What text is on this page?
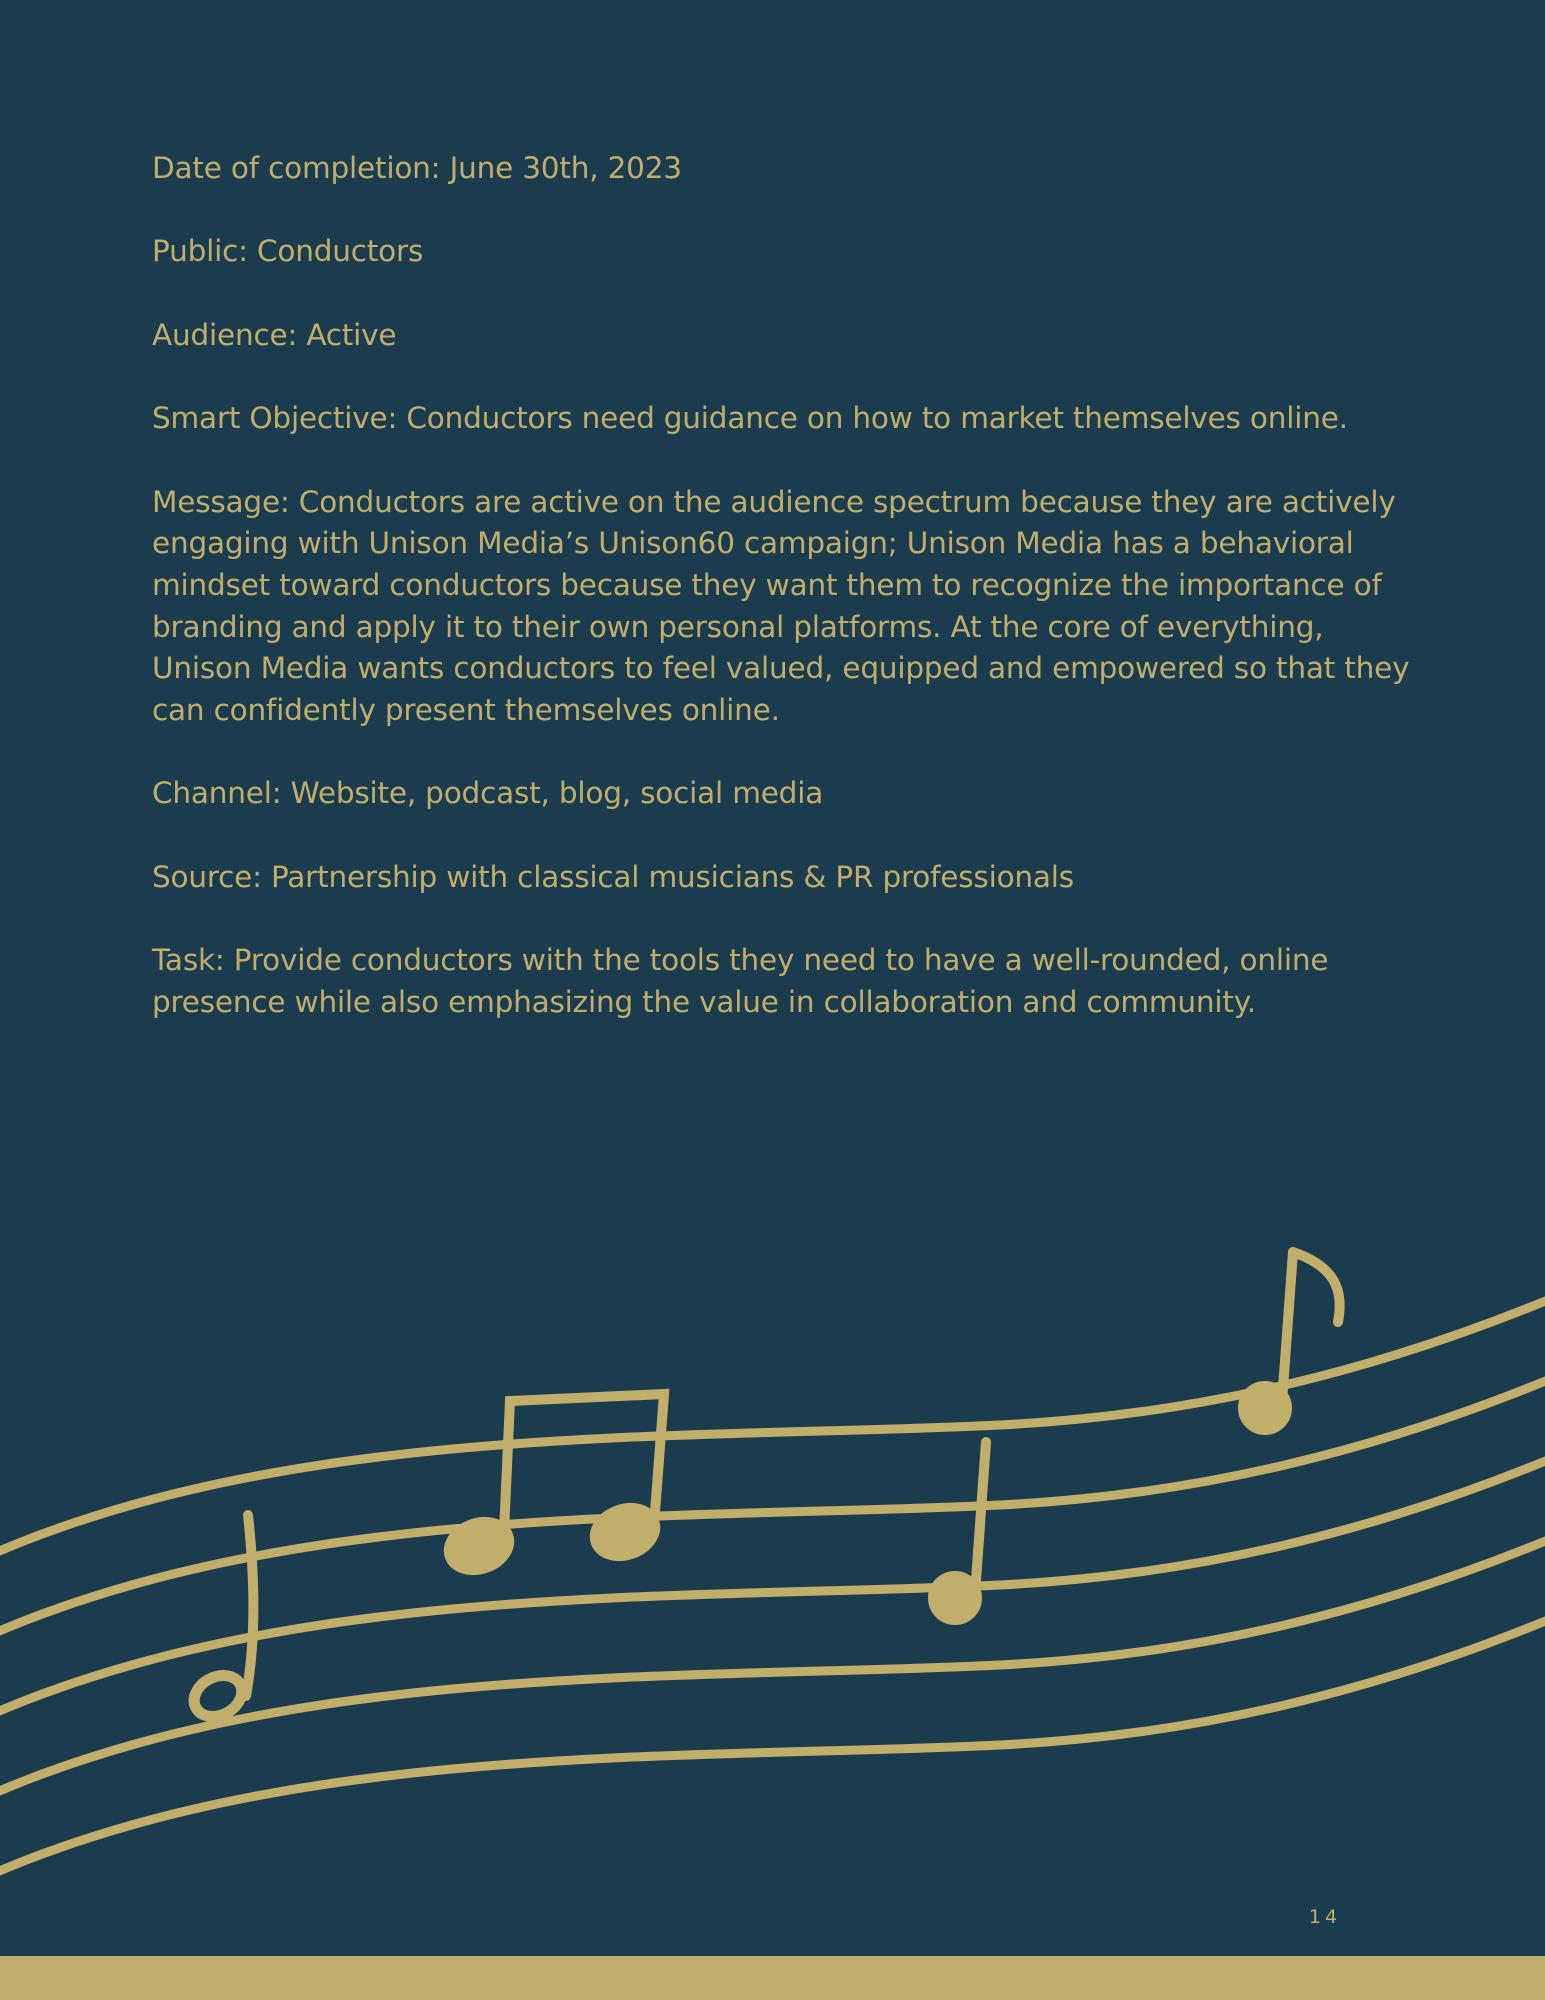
Date of completion: June 30th, 2023

Public: Conductors

Audience: Active

Smart Objective: Conductors need guidance on how to market themselves online.

Message: Conductors are active on the audience spectrum because they are actively engaging with Unison Media’s Unison60 campaign; Unison Media has a behavioral mindset toward conductors because they want them to recognize the importance of branding and apply it to their own personal platforms. At the core of everything, Unison Media wants conductors to feel valued, equipped and empowered so that they can confidently present themselves online.

Channel: Website, podcast, blog, social media

Source: Partnership with classical musicians & PR professionals

Task: Provide conductors with the tools they need to have a well-rounded, online presence while also emphasizing the value in collaboration and community.

14
